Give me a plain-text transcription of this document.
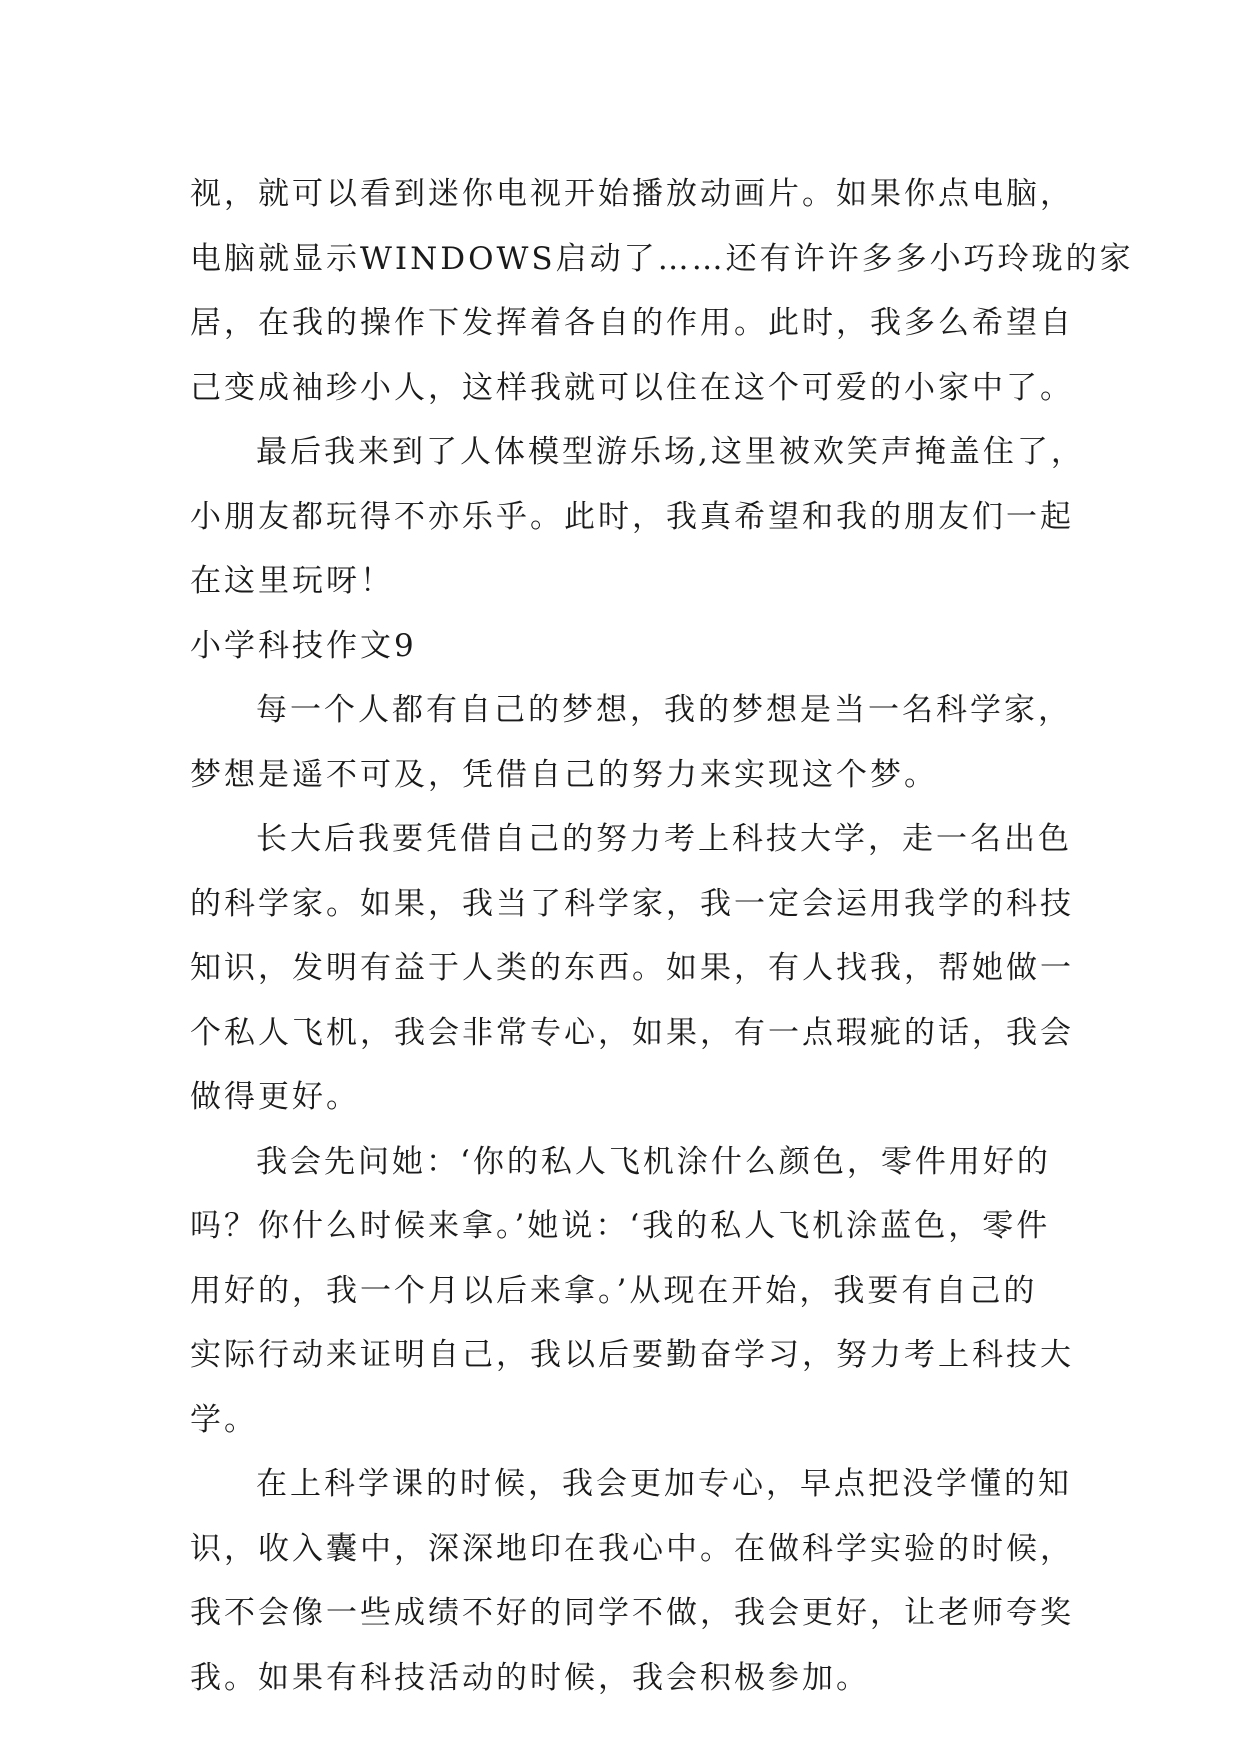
视，就可以看到迷你电视开始播放动画片。如果你点电脑，
电脑就显示WINDOWS启动了……还有许许多多小巧玲珑的家
居，在我的操作下发挥着各自的作用。此时，我多么希望自
己变成袖珍小人，这样我就可以住在这个可爱的小家中了。
最后我来到了人体模型游乐场,这里被欢笑声掩盖住了，
小朋友都玩得不亦乐乎。此时，我真希望和我的朋友们一起
在这里玩呀！
小学科技作文9
每一个人都有自己的梦想，我的梦想是当一名科学家，
梦想是遥不可及，凭借自己的努力来实现这个梦。
长大后我要凭借自己的努力考上科技大学，走一名出色
的科学家。如果，我当了科学家，我一定会运用我学的科技
知识，发明有益于人类的东西。如果，有人找我，帮她做一
个私人飞机，我会非常专心，如果，有一点瑕疵的话，我会
做得更好。
我会先问她：‘你的私人飞机涂什么颜色，零件用好的
吗？你什么时候来拿。’她说：‘我的私人飞机涂蓝色，零件
用好的，我一个月以后来拿。’从现在开始，我要有自己的
实际行动来证明自己，我以后要勤奋学习，努力考上科技大
学。
在上科学课的时候，我会更加专心，早点把没学懂的知
识，收入囊中，深深地印在我心中。在做科学实验的时候，
我不会像一些成绩不好的同学不做，我会更好，让老师夸奖
我。如果有科技活动的时候，我会积极参加。
